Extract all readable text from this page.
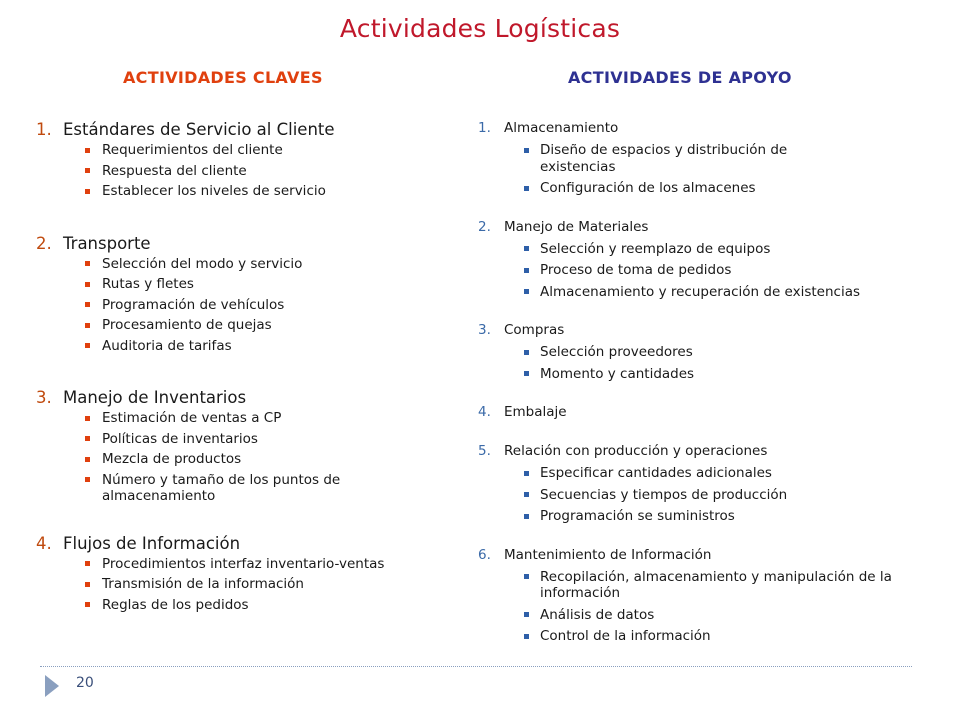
Actividades Logísticas
ACTIVIDADES CLAVES	ACTIVIDADES DE APOYO
1. Estándares de Servicio al Cliente
Requerimientos del cliente
Respuesta del cliente
Establecer los niveles de servicio
2. Transporte
Selección del modo y servicio
Rutas y fletes
Programación de vehículos
Procesamiento de quejas
Auditoria de tarifas
3. Manejo de Inventarios
Estimación de ventas a CP
Políticas de inventarios
Mezcla de productos
Número y tamaño de los puntos de almacenamiento
4. Flujos de Información
Procedimientos interfaz inventario-ventas
Transmisión de la información
Reglas de los pedidos
1. Almacenamiento
Diseño de espacios y distribución de existencias
Configuración de los almacenes
2. Manejo de Materiales
Selección y reemplazo de equipos
Proceso de toma de pedidos
Almacenamiento y recuperación de existencias
3. Compras
Selección proveedores
Momento y cantidades
4. Embalaje
5. Relación con producción y operaciones
Especificar cantidades adicionales
Secuencias y tiempos de producción
Programación se suministros
6. Mantenimiento de Información
Recopilación, almacenamiento y manipulación de la información
Análisis de datos
Control de la información
20
